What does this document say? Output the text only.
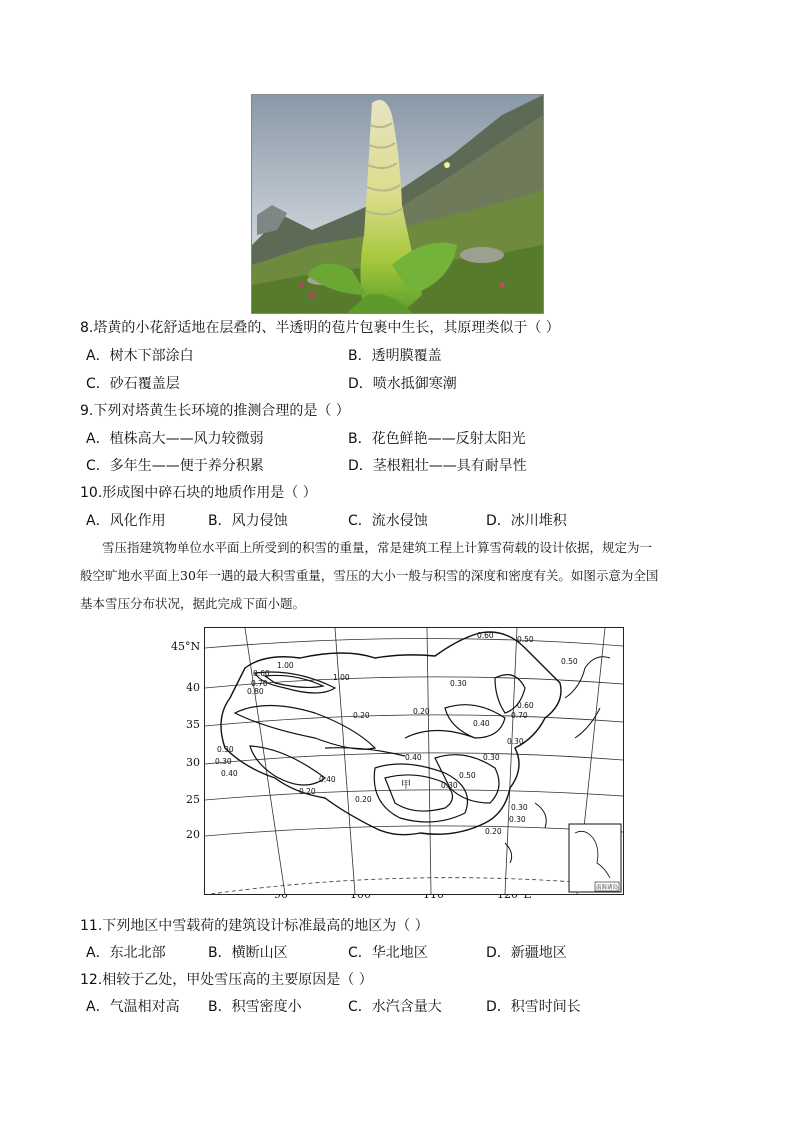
8.塔黄的小花舒适地在层叠的、半透明的苞片包裹中生长，其原理类似于（ ）
A．树木下部涂白	B．透明膜覆盖
C．砂石覆盖层	D．喷水抵御寒潮
9.下列对塔黄生长环境的推测合理的是（ ）
A．植株高大——风力较微弱	B．花色鲜艳——反射太阳光
C．多年生——便于养分积累	D．茎根粗壮——具有耐旱性
10.形成图中碎石块的地质作用是（ ）
A．风化作用	B．风力侵蚀	C．流水侵蚀	D．冰川堆积
雪压指建筑物单位水平面上所受到的积雪的重量，常是建筑工程上计算雪荷载的设计依据，规定为一
般空旷地水平面上30年一遇的最大积雪重量，雪压的大小一般与积雪的深度和密度有关。如图示意为全国
基本雪压分布状况，据此完成下面小题。
45°N
40
35
30
25
20
0.60	0.50
0.50
1.00
1.00
0.60
0.70
0.80
0.30
0.20	0.20
0.40
0.60
0.70
0.30
0.30
0.30
0.40
0.40	0.50
0.30
0.30
0.20
0.20
0.40
0.20
0.30
0.30
甲
南海诸岛
11.下列地区中雪载荷的建筑设计标准最高的地区为（ ）
A．东北北部	B．横断山区	C．华北地区	D．新疆地区
12.相较于乙处，甲处雪压高的主要原因是（ ）
A．气温相对高 B．积雪密度小	C．水汽含量大	D．积雪时间长
